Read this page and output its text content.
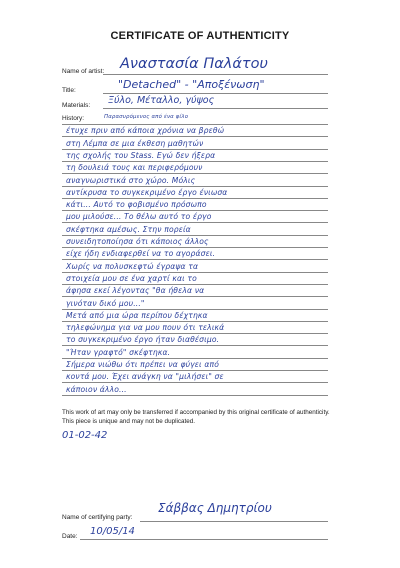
CERTIFICATE OF AUTHENTICITY
Name of artist: Αναστασία Παλάτου
Title:	"Detached" - "Αποξένωση"
Materials: Ξύλο, Μέταλλο, γύψος
History:	Παρασυρόμενος από ένα φίλο
έτυχε πριν από κάποια χρόνια να βρεθώ
στη Λέμπα σε μια έκθεση μαθητών
της σχολής του Stass. Εγώ δεν ήξερα
τη δουλειά τους και περιφερόμουν
αναγνωριστικά στο χώρο. Μόλις
αντίκρυσα το συγκεκριμένο έργο ένιωσα
κάτι... Αυτό το φοβισμένο πρόσωπο
μου μιλούσε... Το θέλω αυτό το έργο
σκέφτηκα αμέσως. Στην πορεία
συνειδητοποίησα ότι κάποιος άλλος
είχε ήδη ενδιαφερθεί να το αγοράσει.
Χωρίς να πολυσκεφτώ έγραψα τα
στοιχεία μου σε ένα χαρτί και το
άφησα εκεί λέγοντας "θα ήθελα να
γινόταν δικό μου..."
Μετά από μια ώρα περίπου δέχτηκα
τηλεφώνημα για να μου πουν ότι τελικά
το συγκεκριμένο έργο ήταν διαθέσιμο.
"Ήταν γραφτό" σκέφτηκα.
Σήμερα νιώθω ότι πρέπει να φύγει από
κοντά μου. Έχει ανάγκη να "μιλήσει" σε
κάποιον άλλο...
This work of art may only be transferred if accompanied by this original certificate of authenticity. This piece is unique and may not be duplicated.
01-02-42
Name of certifying party:
Σάββας Δημητρίου
Date: 10/05/14
